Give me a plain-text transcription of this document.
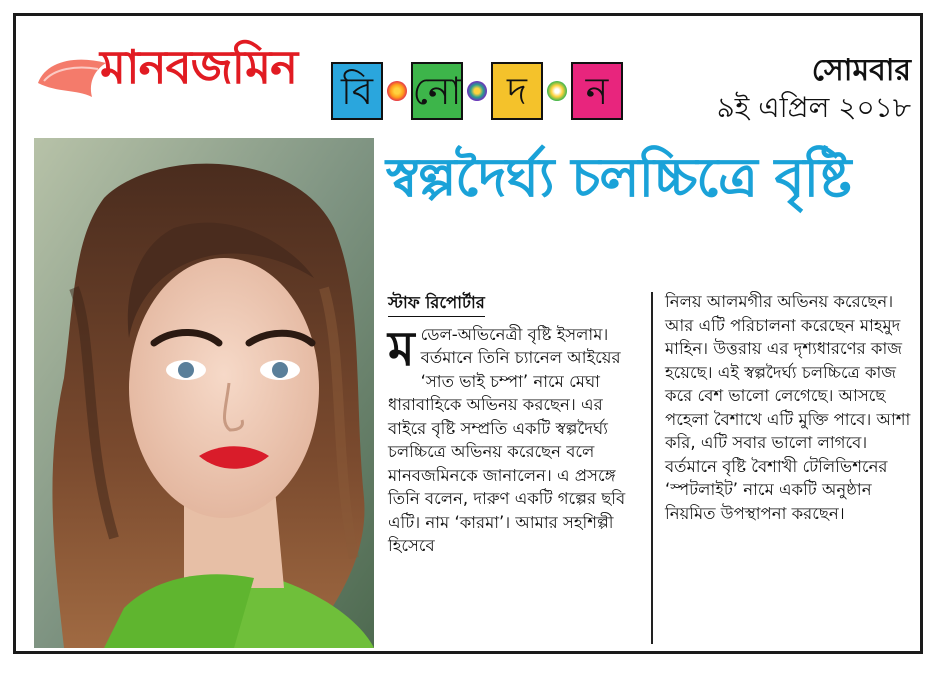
মানবজমিন বি নো দ ন	সোমবার
৯ই এপ্রিল ২০১৮
স্বল্পদৈর্ঘ্য চলচ্চিত্রে বৃষ্টি
স্টাফ রিপোর্টার
মডেল-অভিনেত্রী বৃষ্টি ইসলাম। বর্তমানে তিনি চ্যানেল আইয়ের ‘সাত ভাই চম্পা’ নামে মেঘা ধারাবাহিকে অভিনয় করছেন। এর বাইরে বৃষ্টি সম্প্রতি একটি স্বল্পদৈর্ঘ্য চলচ্চিত্রে অভিনয় করেছেন বলে মানবজমিনকে জানালেন। এ প্রসঙ্গে তিনি বলেন, দারুণ একটি গল্পের ছবি এটি। নাম ‘কারমা’। আমার সহশিল্পী হিসেবে
নিলয় আলমগীর অভিনয় করেছেন। আর এটি পরিচালনা করেছেন মাহমুদ মাহিন। উত্তরায় এর দৃশ্যধারণের কাজ হয়েছে। এই স্বল্পদৈর্ঘ্য চলচ্চিত্রে কাজ করে বেশ ভালো লেগেছে। আসছে পহেলা বৈশাখে এটি মুক্তি পাবে। আশা করি, এটি সবার ভালো লাগবে। বর্তমানে বৃষ্টি বৈশাখী টেলিভিশনের ‘স্পটলাইট’ নামে একটি অনুষ্ঠান নিয়মিত উপস্থাপনা করছেন।
